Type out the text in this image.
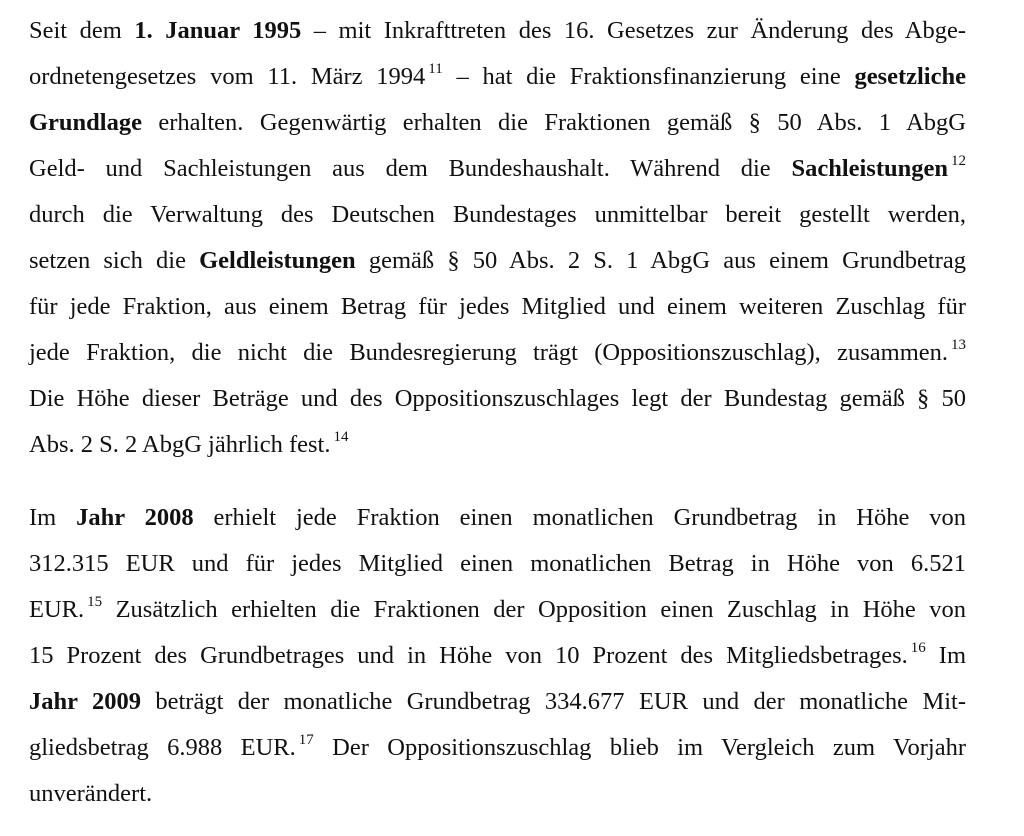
Seit dem 1. Januar 1995 – mit Inkrafttreten des 16. Gesetzes zur Änderung des Abge-
ordnetengesetzes vom 11. März 1994 $^{11}$ – hat die Fraktionsfinanzierung eine gesetzliche
Grundlage erhalten. Gegenwärtig erhalten die Fraktionen gemäß § 50 Abs. 1 AbgG
Geld- und Sachleistungen aus dem Bundeshaushalt. Während die Sachleistungen $^{12}$
durch die Verwaltung des Deutschen Bundestages unmittelbar bereit gestellt werden,
setzen sich die Geldleistungen gemäß § 50 Abs. 2 S. 1 AbgG aus einem Grundbetrag
für jede Fraktion, aus einem Betrag für jedes Mitglied und einem weiteren Zuschlag für
jede Fraktion, die nicht die Bundesregierung trägt (Oppositionszuschlag), zusammen. $^{13}$
Die Höhe dieser Beträge und des Oppositionszuschlages legt der Bundestag gemäß § 50
Abs. 2 S. 2 AbgG jährlich fest. $^{14}$
Im Jahr 2008 erhielt jede Fraktion einen monatlichen Grundbetrag in Höhe von
312.315 EUR und für jedes Mitglied einen monatlichen Betrag in Höhe von 6.521
EUR. $^{15}$ Zusätzlich erhielten die Fraktionen der Opposition einen Zuschlag in Höhe von
15 Prozent des Grundbetrages und in Höhe von 10 Prozent des Mitgliedsbetrages. $^{16}$ Im
Jahr 2009 beträgt der monatliche Grundbetrag 334.677 EUR und der monatliche Mit-
gliedsbetrag 6.988 EUR. $^{17}$ Der Oppositionszuschlag blieb im Vergleich zum Vorjahr
unverändert.
